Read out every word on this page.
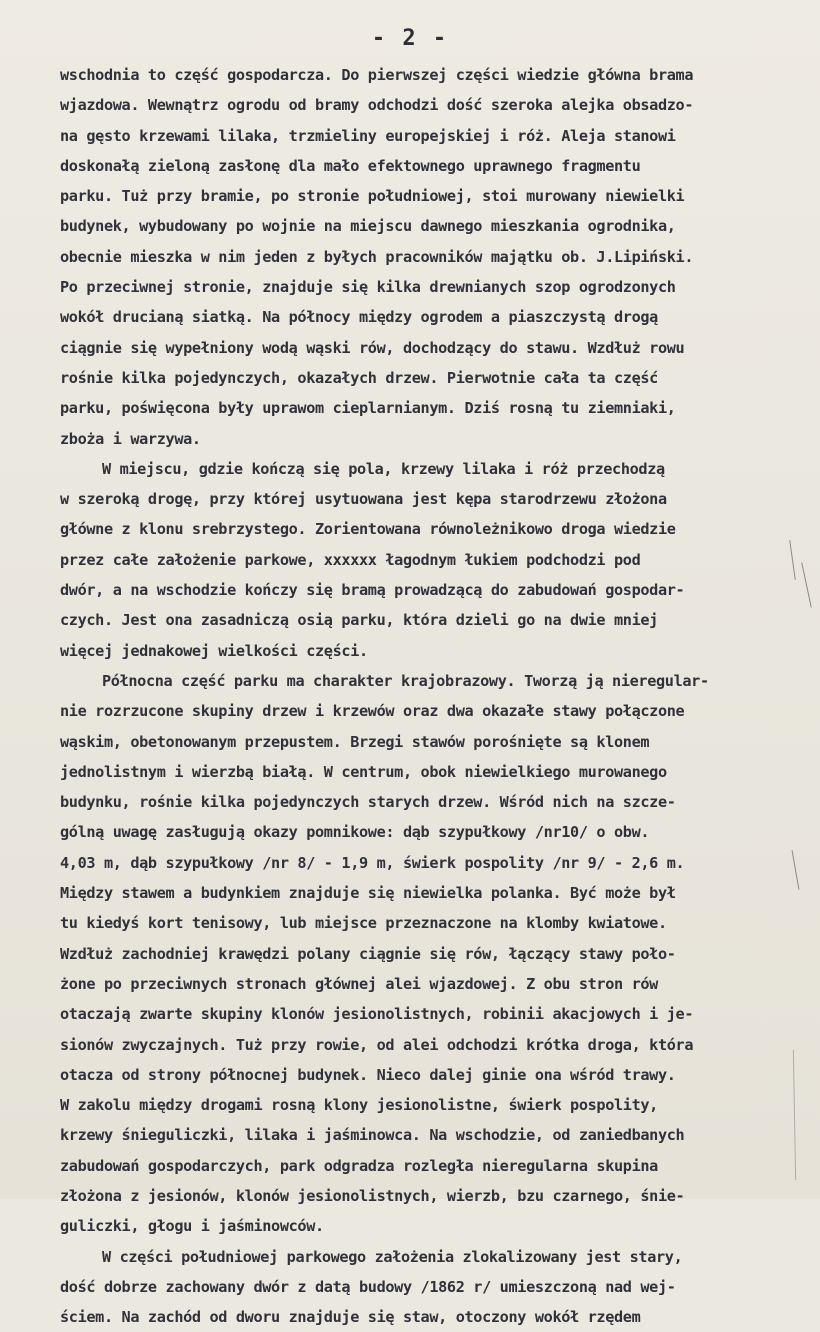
- 2 -
wschodnia to część gospodarcza. Do pierwszej części wiedzie główna brama
wjazdowa. Wewnątrz ogrodu od bramy odchodzi dość szeroka alejka obsadzo-
na gęsto krzewami lilaka, trzmieliny europejskiej i róż. Aleja stanowi
doskonałą zieloną zasłonę dla mało efektownego uprawnego fragmentu
parku. Tuż przy bramie, po stronie południowej, stoi murowany niewielki
budynek, wybudowany po wojnie na miejscu dawnego mieszkania ogrodnika,
obecnie mieszka w nim jeden z byłych pracowników majątku ob. J.Lipiński.
Po przeciwnej stronie, znajduje się kilka drewnianych szop ogrodzonych
wokół drucianą siatką. Na północy między ogrodem a piaszczystą drogą
ciągnie się wypełniony wodą wąski rów, dochodzący do stawu. Wzdłuż rowu
rośnie kilka pojedynczych, okazałych drzew. Pierwotnie cała ta część
parku, poświęcona były uprawom cieplarnianym. Dziś rosną tu ziemniaki,
zboża i warzywa.
W miejscu, gdzie kończą się pola, krzewy lilaka i róż przechodzą
w szeroką drogę, przy której usytuowana jest kępa starodrzewu złożona
główne z klonu srebrzystego. Zorientowana równoleżnikowo droga wiedzie
przez całe założenie parkowe, xxxxxx łagodnym łukiem podchodzi pod
dwór, a na wschodzie kończy się bramą prowadzącą do zabudowań gospodar-
czych. Jest ona zasadniczą osią parku, która dzieli go na dwie mniej
więcej jednakowej wielkości części.
Północna część parku ma charakter krajobrazowy. Tworzą ją nieregular-
nie rozrzucone skupiny drzew i krzewów oraz dwa okazałe stawy połączone
wąskim, obetonowanym przepustem. Brzegi stawów porośnięte są klonem
jednolistnym i wierzbą białą. W centrum, obok niewielkiego murowanego
budynku, rośnie kilka pojedynczych starych drzew. Wśród nich na szcze-
gólną uwagę zasługują okazy pomnikowe: dąb szypułkowy /nr10/ o obw.
4,03 m, dąb szypułkowy /nr 8/ - 1,9 m, świerk pospolity /nr 9/ - 2,6 m.
Między stawem a budynkiem znajduje się niewielka polanka. Być może był
tu kiedyś kort tenisowy, lub miejsce przeznaczone na klomby kwiatowe.
Wzdłuż zachodniej krawędzi polany ciągnie się rów, łączący stawy poło-
żone po przeciwnych stronach głównej alei wjazdowej. Z obu stron rów
otaczają zwarte skupiny klonów jesionolistnych, robinii akacjowych i je-
sionów zwyczajnych. Tuż przy rowie, od alei odchodzi krótka droga, która
otacza od strony północnej budynek. Nieco dalej ginie ona wśród trawy.
W zakolu między drogami rosną klony jesionolistne, świerk pospolity,
krzewy śnieguliczki, lilaka i jaśminowca. Na wschodzie, od zaniedbanych
zabudowań gospodarczych, park odgradza rozległa nieregularna skupina
złożona z jesionów, klonów jesionolistnych, wierzb, bzu czarnego, śnie-
guliczki, głogu i jaśminowców.
W części południowej parkowego założenia zlokalizowany jest stary,
dość dobrze zachowany dwór z datą budowy /1862 r/ umieszczoną nad wej-
ściem. Na zachód od dworu znajduje się staw, otoczony wokół rzędem
